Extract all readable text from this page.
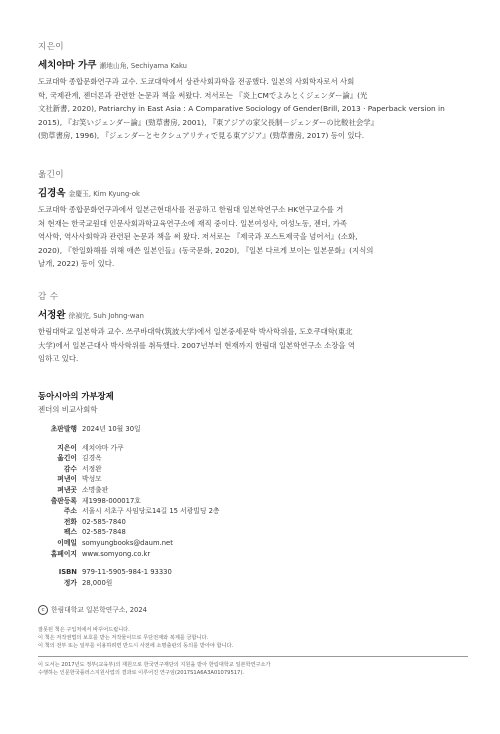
지은이
세치야마 가쿠 瀬地山角, Sechiyama Kaku
도쿄대학 종합문화연구과 교수. 도쿄대학에서 상관사회과학을 전공했다. 일본의 사회학자로서 사회
학, 국제관계, 젠더론과 관련한 논문과 책을 써왔다. 저서로는 『炎上CMでよみとくジェンダー論』(光
文社新書, 2020), Patriarchy in East Asia : A Comparative Sociology of Gender(Brill, 2013 · Paperback version in
2015), 『お笑いジェンダー論』(勁草書房, 2001), 『東アジアの家父長制－ジェンダーの比較社会学』
(勁草書房, 1996), 『ジェンダーとセクシュアリティで見る東アジア』(勁草書房, 2017) 등이 있다.
옮긴이
김경옥 金慶玉, Kim Kyung-ok
도쿄대학 종합문화연구과에서 일본근현대사를 전공하고 한림대 일본학연구소 HK연구교수를 거
쳐 현재는 한국교원대 인문사회과학교육연구소에 재직 중이다. 일본여성사, 여성노동, 젠더, 가족
역사학, 역사사회학과 관련된 논문과 책을 써 왔다. 저서로는 『제국과 포스트제국을 넘어서』(소화,
2020), 『한일화해를 위해 애쓴 일본인들』(동국문화, 2020), 『일본 다르게 보이는 일본문화』(지식의
날개, 2022) 등이 있다.
감 수
서정완 徐禎完, Suh Johng-wan
한림대학교 일본학과 교수. 쓰쿠바대학(筑波大学)에서 일본중세문학 박사학위를, 도호쿠대학(東北
大学)에서 일본근대사 박사학위를 취득했다. 2007년부터 현재까지 한림대 일본학연구소 소장을 역
임하고 있다.
동아시아의 가부장제
젠더의 비교사회학
초판발행 2024년 10월 30일
지은이 세치야마 가쿠
옮긴이 김경옥
감수 서정완
펴낸이 박성모
펴낸곳 소명출판
출판등록 제1998-000017호
주소 서울시 서초구 사임당로14길 15 서광빌딩 2층
전화 02-585-7840
팩스 02-585-7848
이메일 somyungbooks@daum.net
홈페이지 www.somyong.co.kr
ISBN 979-11-5905-984-1 93330
정가 28,000원
c 한림대학교 일본학연구소, 2024
잘못된 책은 구입처에서 바꾸어드립니다.
이 책은 저작권법의 보호를 받는 저작물이므로 무단전재와 복제를 금합니다.
이 책의 전부 또는 일부를 이용하려면 반드시 사전에 소명출판의 동의를 받아야 합니다.
이 도서는 2017년도 정부(교육부)의 재원으로 한국연구재단의 지원을 받아 한림대학교 일본학연구소가
수행하는 인문한국플러스지원사업의 결과로 이루어진 연구임(2017S1A6A3A01079517).
